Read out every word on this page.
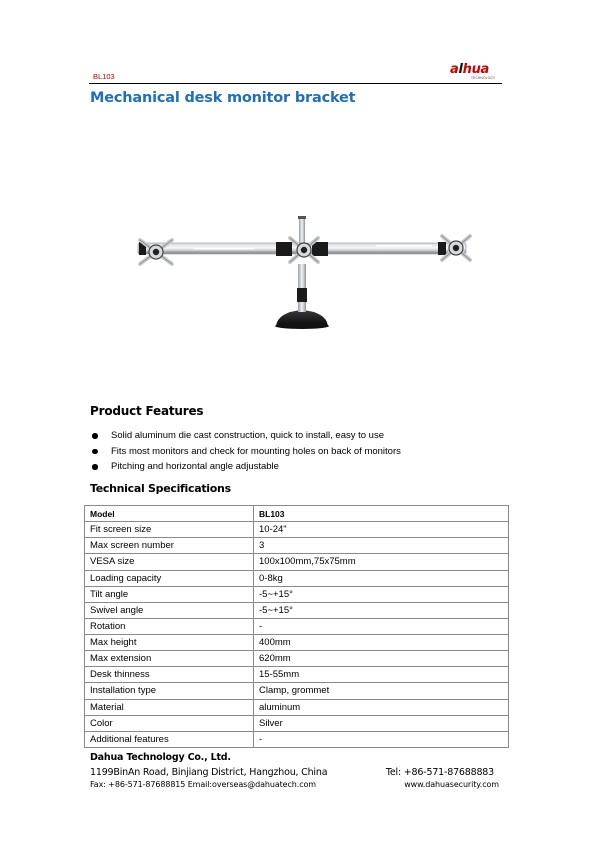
BL103	alhua
TECHNOLOGY
Mechanical desk monitor bracket
Product Features
Solid aluminum die cast construction, quick to install, easy to use
Fits most monitors and check for mounting holes on back of monitors
Pitching and horizontal angle adjustable
Technical Specifications
Model	BL103
Fit screen size	10-24"
Max screen number	3
VESA size	100x100mm,75x75mm
Loading capacity	0-8kg
Tilt angle	-5~+15°
Swivel angle	-5~+15°
Rotation	-
Max height	400mm
Max extension	620mm
Desk thinness	15-55mm
Installation type	Clamp, grommet
Material	aluminum
Color	Silver
Additional features	-
Dahua Technology Co., Ltd.
1199BinAn Road, Binjiang District, Hangzhou, China	Tel: +86-571-87688883
Fax: +86-571-87688815 Email:overseas@dahuatech.com	www.dahuasecurity.com
